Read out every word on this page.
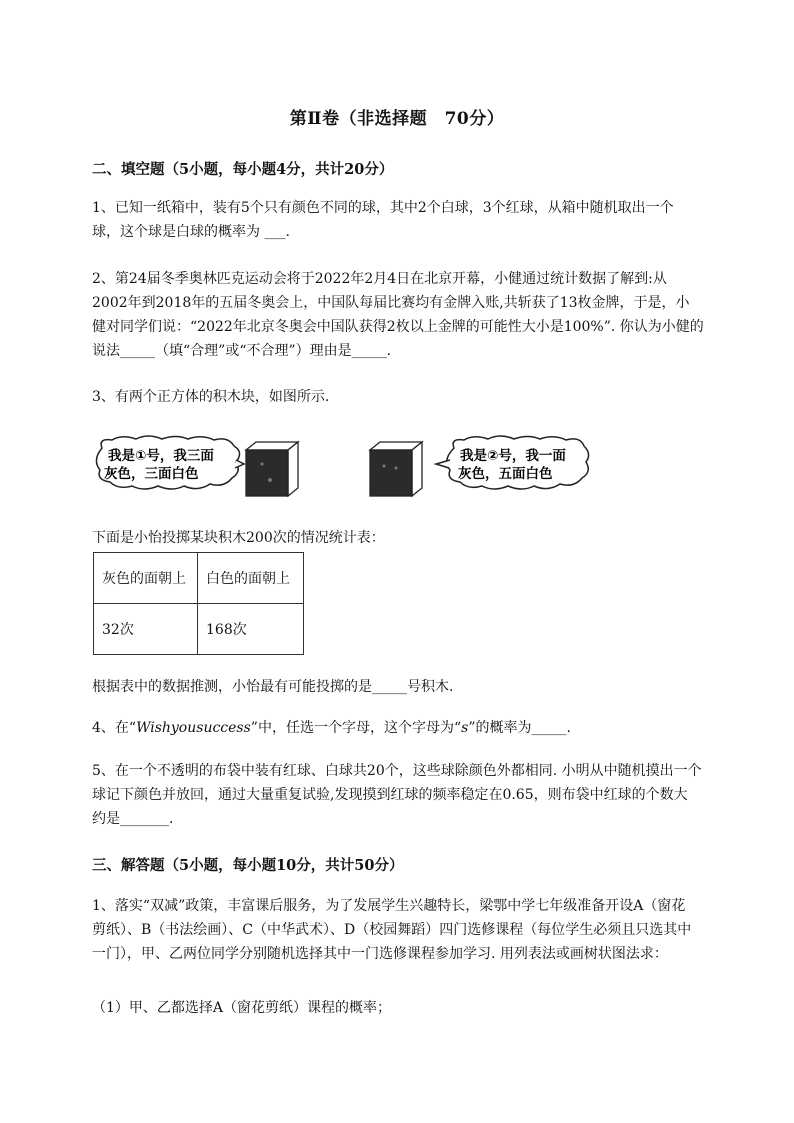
第Ⅱ卷（非选择题　70分）
二、填空题（5小题，每小题4分，共计20分）

1、已知一纸箱中，装有5个只有颜色不同的球，其中2个白球，3个红球，从箱中随机取出一个

球，这个球是白球的概率为 ___.

2、第24届冬季奥林匹克运动会将于2022年2月4日在北京开幕，小健通过统计数据了解到:从

2002年到2018年的五届冬奥会上，中国队每届比赛均有金牌入账,共斩获了13枚金牌，于是，小

健对同学们说：“2022年北京冬奥会中国队获得2枚以上金牌的可能性大小是100%”. 你认为小健的

说法_____（填“合理”或“不合理”）理由是_____.

3、有两个正方体的积木块，如图所示.

我是①号，我三面
灰色，三面白色
我是②号，我一面
灰色，五面白色

下面是小怡投掷某块积木200次的情况统计表：

灰色的面朝上	白色的面朝上
32次	168次

根据表中的数据推测，小怡最有可能投掷的是_____号积木.

4、在“Wishyousuccess”中，任选一个字母，这个字母为“s”的概率为_____.

5、在一个不透明的布袋中装有红球、白球共20个，这些球除颜色外都相同. 小明从中随机摸出一个

球记下颜色并放回，通过大量重复试验,发现摸到红球的频率稳定在0.65，则布袋中红球的个数大

约是_______.

三、解答题（5小题，每小题10分，共计50分）

1、落实“双减”政策，丰富课后服务，为了发展学生兴趣特长，梁鄂中学七年级准备开设A（窗花

剪纸）、B（书法绘画）、C（中华武术）、D（校园舞蹈）四门选修课程（每位学生必须且只选其中

一门），甲、乙两位同学分别随机选择其中一门选修课程参加学习. 用列表法或画树状图法求：

（1）甲、乙都选择A（窗花剪纸）课程的概率；
